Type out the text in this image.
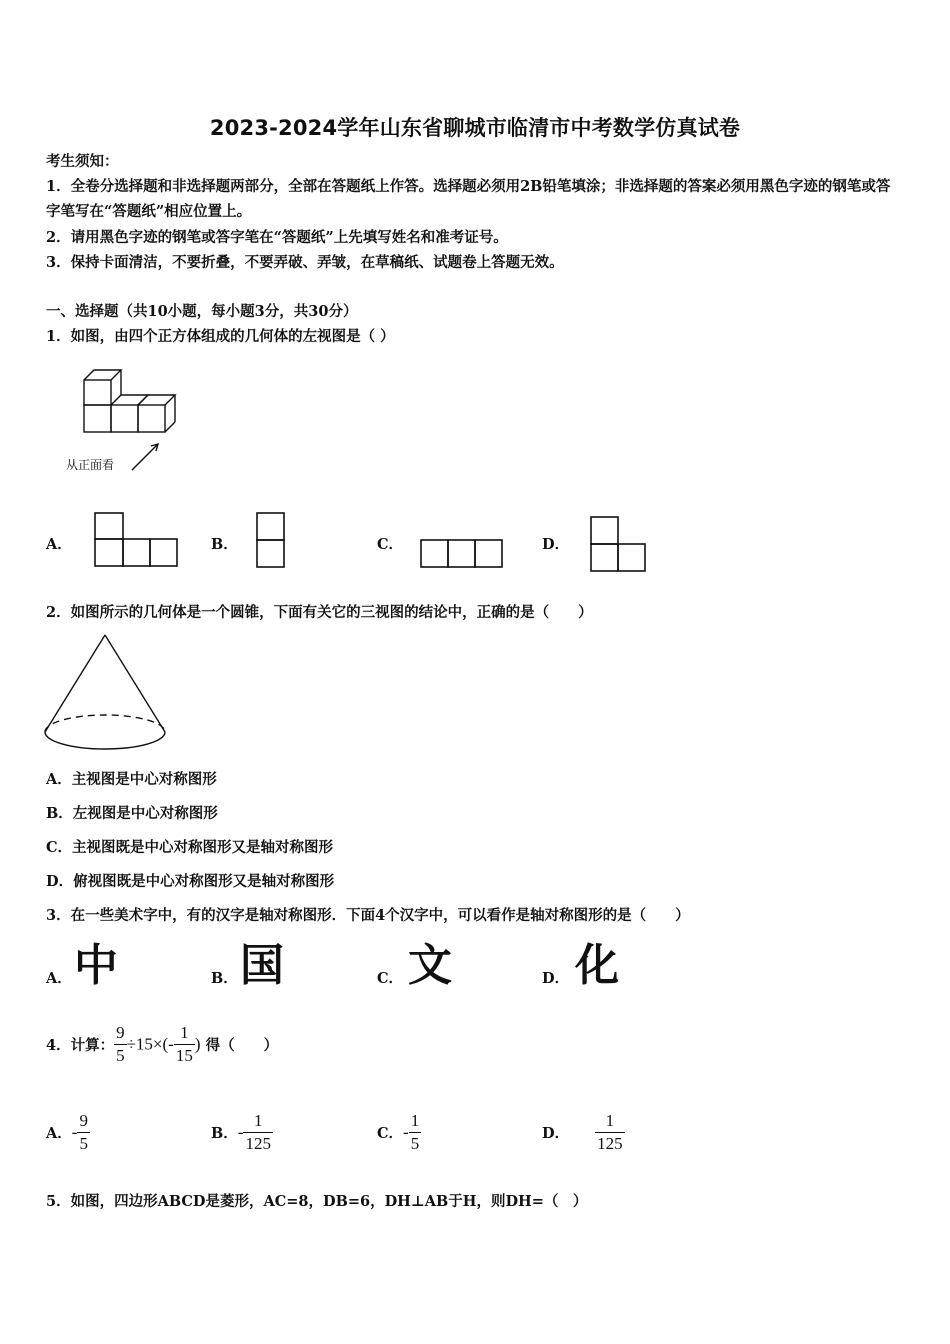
2023-2024学年山东省聊城市临清市中考数学仿真试卷
考生须知：
1．全卷分选择题和非选择题两部分，全部在答题纸上作答。选择题必须用2B铅笔填涂；非选择题的答案必须用黑色字迹的钢笔或答字笔写在“答题纸”相应位置上。
2．请用黑色字迹的钢笔或答字笔在“答题纸”上先填写姓名和准考证号。
3．保持卡面清洁，不要折叠，不要弄破、弄皱，在草稿纸、试题卷上答题无效。
一、选择题（共10小题，每小题3分，共30分）
1．如图，由四个正方体组成的几何体的左视图是（ ）
从正面看
A．	B．	C．	D．
2．如图所示的几何体是一个圆锥，下面有关它的三视图的结论中，正确的是（　　）
A．主视图是中心对称图形
B．左视图是中心对称图形
C．主视图既是中心对称图形又是轴对称图形
D．俯视图既是中心对称图形又是轴对称图形
3．在一些美术字中，有的汉字是轴对称图形．下面4个汉字中，可以看作是轴对称图形的是（　　）
A． 中	B． 国	C． 文	D． 化
4．计算： $\frac{9}{5} \div 15\times(- \frac{1}{15}$ ) 得（　　）
A．- $\frac{9}{5}$	B．- $\frac{1}{125}$	C．- $\frac{1}{5}$	D． $\frac{1}{125}$
5．如图，四边形ABCD是菱形，AC=8，DB=6，DH⊥AB于H，则DH=（　）
